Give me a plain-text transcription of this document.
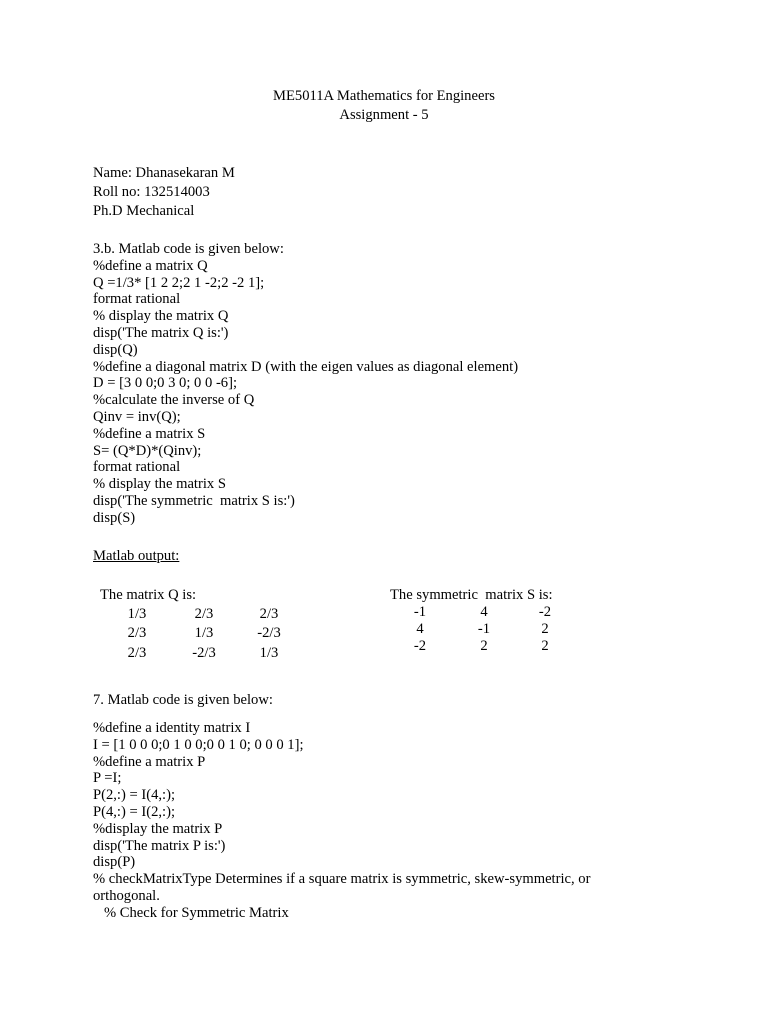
ME5011A Mathematics for Engineers
Assignment - 5
Name: Dhanasekaran M
Roll no: 132514003
Ph.D Mechanical
3.b. Matlab code is given below:
%define a matrix Q
Q =1/3* [1 2 2;2 1 -2;2 -2 1];
format rational
% display the matrix Q
disp('The matrix Q is:')
disp(Q)
%define a diagonal matrix D (with the eigen values as diagonal element)
D = [3 0 0;0 3 0; 0 0 -6];
%calculate the inverse of Q
Qinv = inv(Q);
%define a matrix S
S= (Q*D)*(Qinv);
format rational
% display the matrix S
disp('The symmetric  matrix S is:')
disp(S)
Matlab output:
The matrix Q is:
1/3	2/3	2/3
2/3	1/3	-2/3
2/3	-2/3	1/3
The symmetric  matrix S is:
-1	4	-2
4	-1	2
-2	2	2
7. Matlab code is given below:
%define a identity matrix I
I = [1 0 0 0;0 1 0 0;0 0 1 0; 0 0 0 1];
%define a matrix P
P =I;
P(2,:) = I(4,:);
P(4,:) = I(2,:);
%display the matrix P
disp('The matrix P is:')
disp(P)
% checkMatrixType Determines if a square matrix is symmetric, skew-symmetric, or
orthogonal.
% Check for Symmetric Matrix
